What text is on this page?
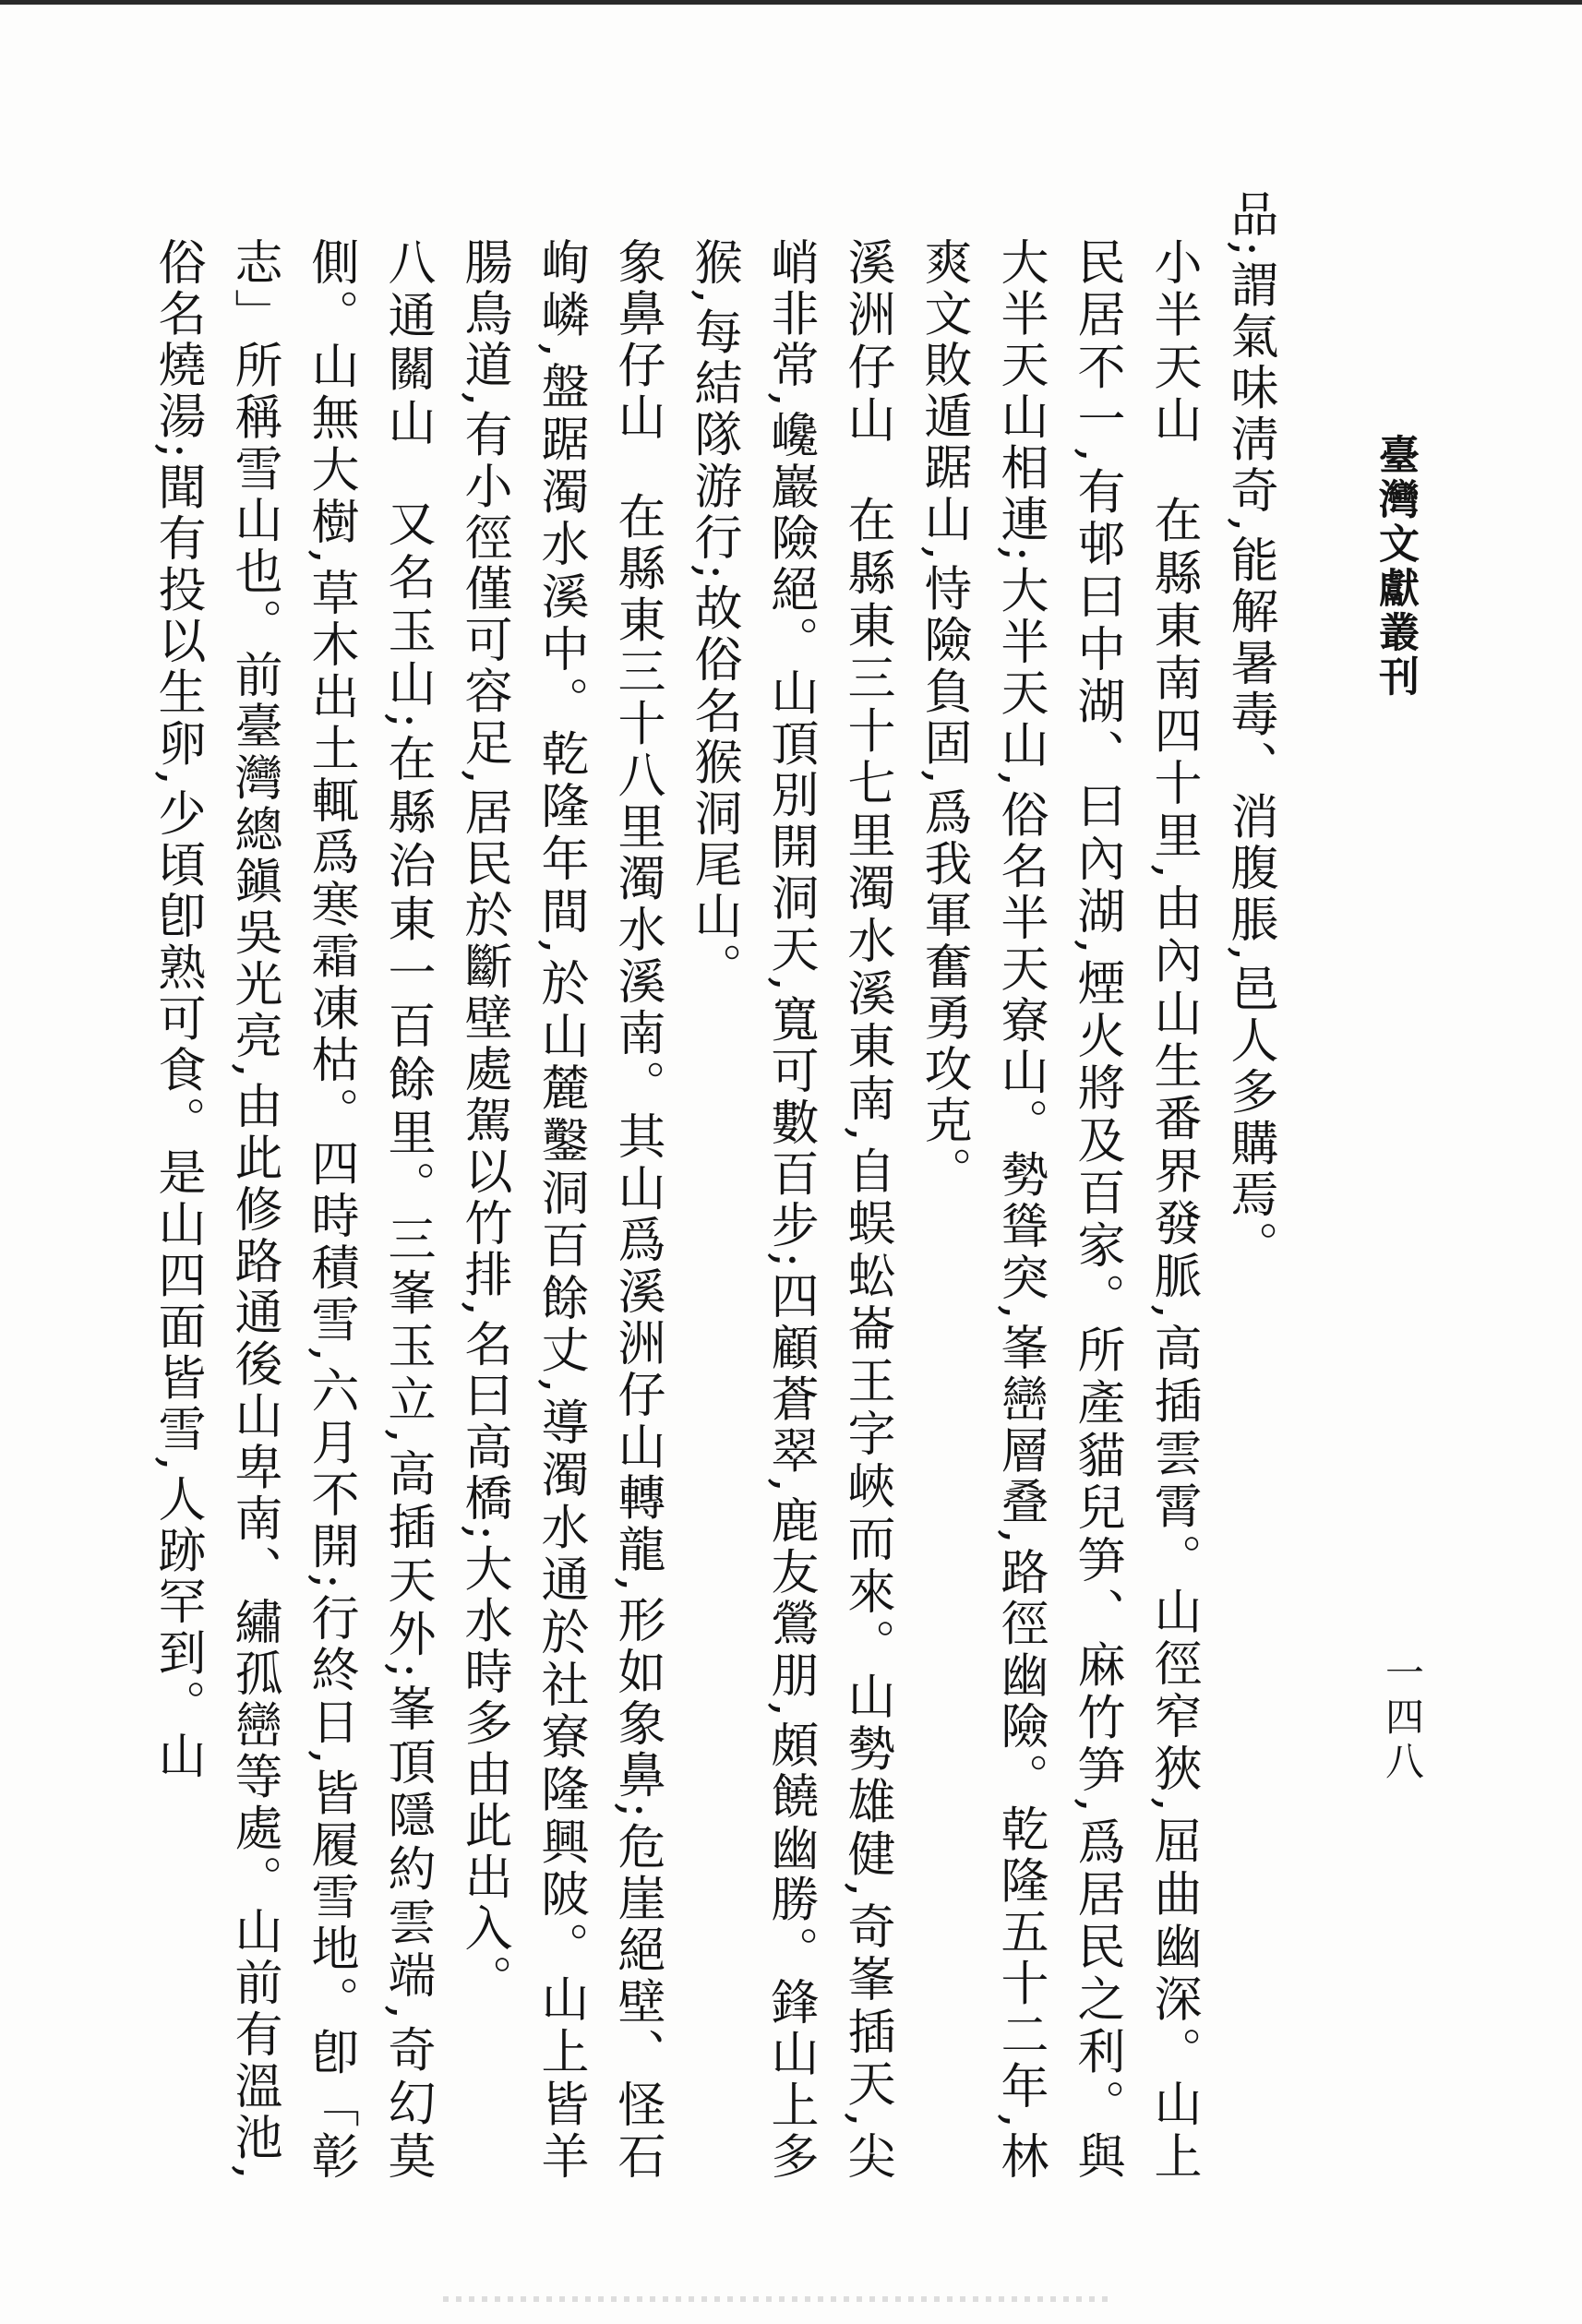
臺灣文獻叢刊
一四八
品;謂氣味淸奇,能解暑毒、消腹脹,邑人多購焉。
小半天山在縣東南四十里,由內山生番界發脈,高插雲霄。山徑窄狹,屈曲幽深。山上民居不一,有邨曰中湖、曰內湖,煙火將及百家。所產貓兒笋、麻竹笋,爲居民之利。與大半天山相連;大半天山,俗名半天寮山。勢聳突,峯巒層叠,路徑幽險。乾隆五十二年,林爽文敗遁踞山,恃險負固,爲我軍奮勇攻克。
溪洲仔山在縣東三十七里濁水溪東南,自蜈蚣崙王字峽而來。山勢雄健,奇峯插天,尖峭非常,巉巖險絕。山頂別開洞天,寬可數百步;四顧蒼翠,鹿友鶯朋,頗饒幽勝。鋒山上多猴,每結隊游行;故俗名猴洞尾山。
象鼻仔山在縣東三十八里濁水溪南。其山爲溪洲仔山轉龍,形如象鼻;危崖絕壁、怪石峋嶙,盤踞濁水溪中。乾隆年間,於山麓鑿洞百餘丈,導濁水通於社寮隆興陂。山上皆羊腸鳥道,有小徑僅可容足,居民於斷壁處駕以竹排,名曰高橋;大水時多由此出入。
八通關山又名玉山;在縣治東一百餘里。三峯玉立,高插天外;峯頂隱約雲端,奇幻莫側。山無大樹,草木出土輒爲寒霜凍枯。四時積雪,六月不開;行終日,皆履雪地。卽「彰志」所稱雪山也。前臺灣總鎭吳光亮,由此修路通後山卑南、繡孤巒等處。山前有溫池,俗名燒湯;聞有投以生卵,少頃卽熟可食。是山四面皆雪,人跡罕到。山
